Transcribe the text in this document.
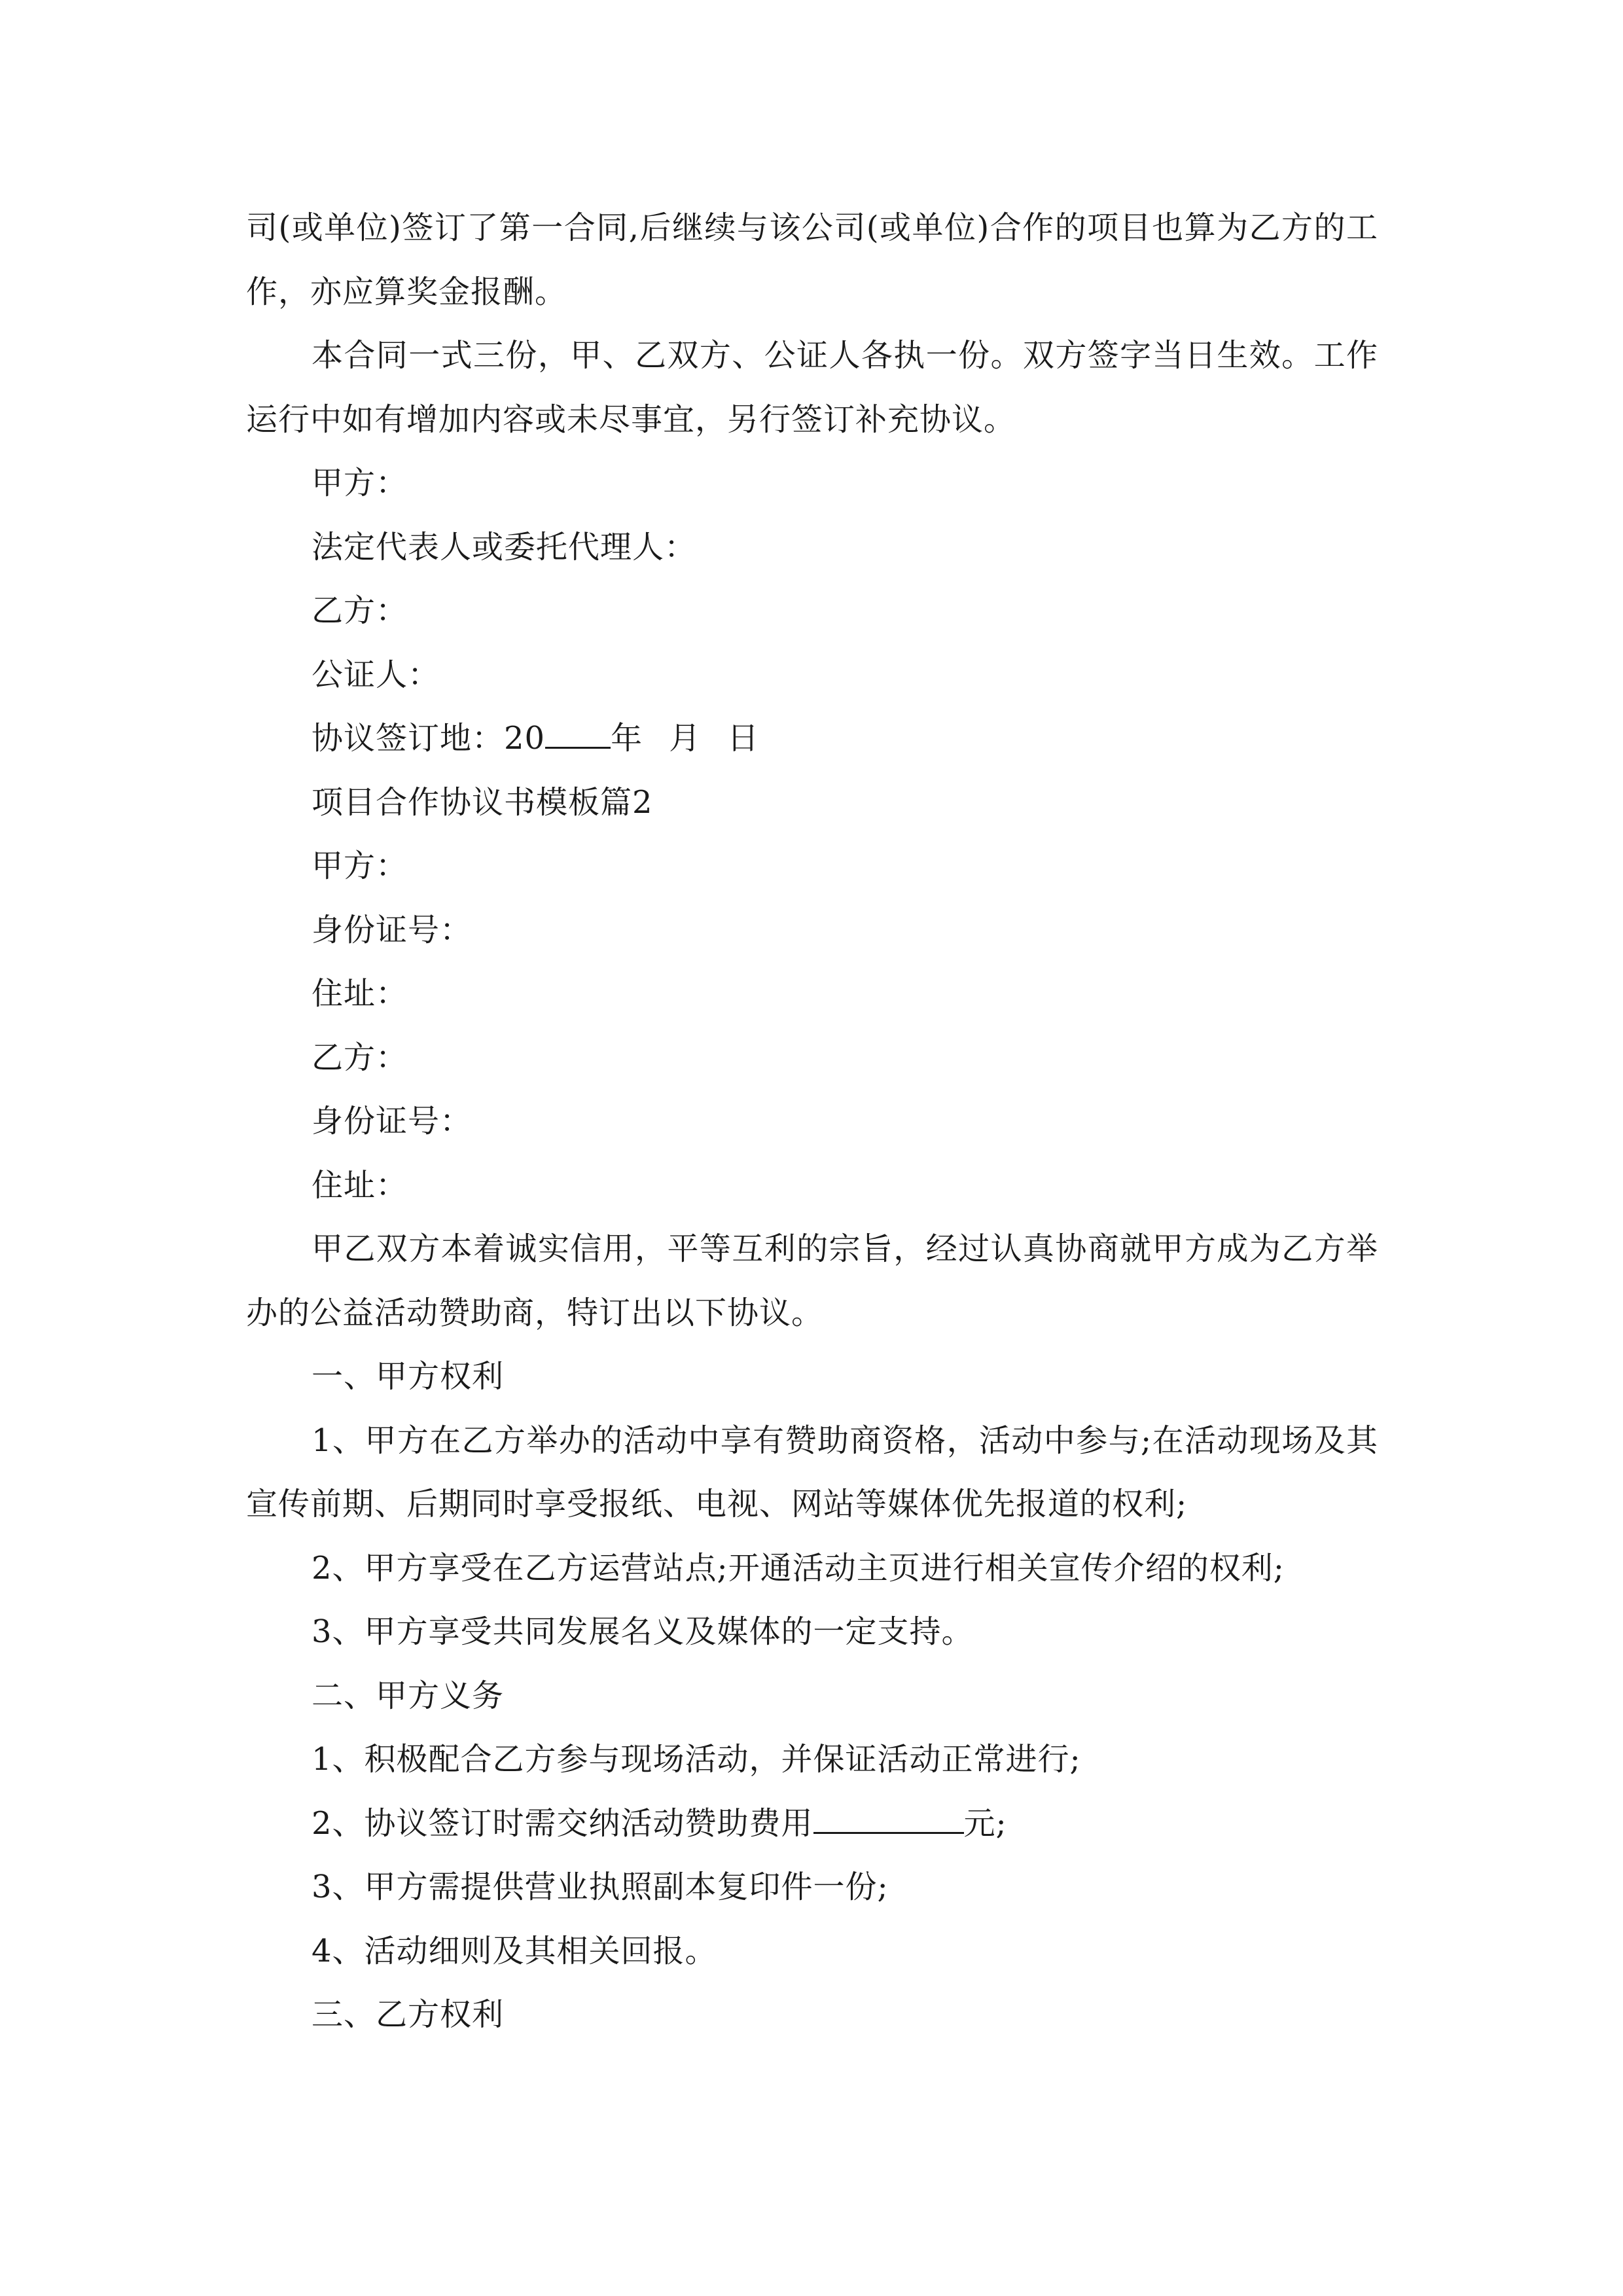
司(或单位)签订了第一合同,后继续与该公司(或单位)合作的项目也算为乙方的工作，亦应算奖金报酬。

本合同一式三份，甲、乙双方、公证人各执一份。双方签字当日生效。工作运行中如有增加内容或未尽事宜，另行签订补充协议。

甲方：

法定代表人或委托代理人：

乙方：

公证人：

协议签订地：20 年 月 日

项目合作协议书模板篇2

甲方：

身份证号：

住址：

乙方：

身份证号：

住址：

甲乙双方本着诚实信用，平等互利的宗旨，经过认真协商就甲方成为乙方举办的公益活动赞助商，特订出以下协议。

一、甲方权利

1、甲方在乙方举办的活动中享有赞助商资格，活动中参与;在活动现场及其宣传前期、后期同时享受报纸、电视、网站等媒体优先报道的权利;

2、甲方享受在乙方运营站点;开通活动主页进行相关宣传介绍的权利;

3、甲方享受共同发展名义及媒体的一定支持。

二、甲方义务

1、积极配合乙方参与现场活动，并保证活动正常进行;

2、协议签订时需交纳活动赞助费用	元;

3、甲方需提供营业执照副本复印件一份;

4、活动细则及其相关回报。

三、乙方权利
